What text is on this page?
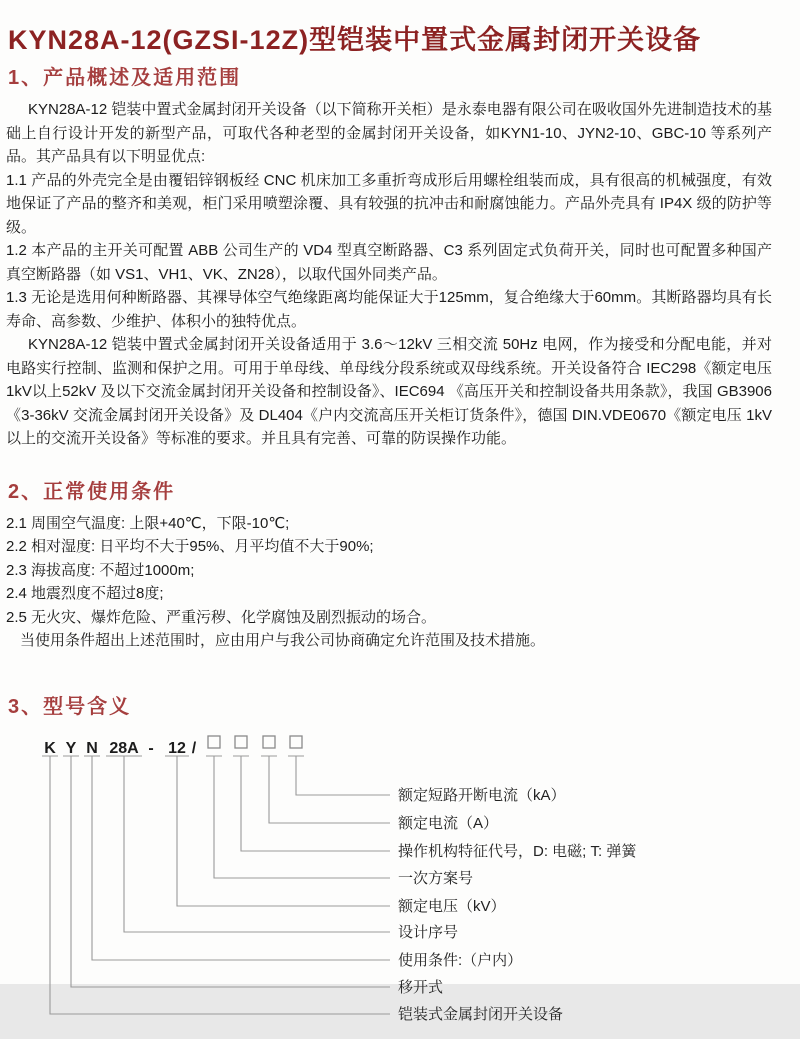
KYN28A-12(GZSI-12Z)型铠装中置式金属封闭开关设备
1、产品概述及适用范围

KYN28A-12 铠装中置式金属封闭开关设备（以下简称开关柜）是永泰电器有限公司在吸收国外先进制造技术的基础上自行设计开发的新型产品，可取代各种老型的金属封闭开关设备，如KYN1-10、JYN2-10、GBC-10 等系列产品。其产品具有以下明显优点:

1.1 产品的外壳完全是由覆铝锌钢板经 CNC 机床加工多重折弯成形后用螺栓组装而成，具有很高的机械强度，有效地保证了产品的整齐和美观，柜门采用喷塑涂覆、具有较强的抗冲击和耐腐蚀能力。产品外壳具有 IP4X 级的防护等级。

1.2 本产品的主开关可配置 ABB 公司生产的 VD4 型真空断路器、C3 系列固定式负荷开关，同时也可配置多种国产真空断路器（如 VS1、VH1、VK、ZN28），以取代国外同类产品。

1.3 无论是选用何种断路器、其裸导体空气绝缘距离均能保证大于125mm，复合绝缘大于60mm。其断路器均具有长寿命、高参数、少维护、体积小的独特优点。

KYN28A-12 铠装中置式金属封闭开关设备适用于 3.6～12kV 三相交流 50Hz 电网，作为接受和分配电能，并对电路实行控制、监测和保护之用。可用于单母线、单母线分段系统或双母线系统。开关设备符合 IEC298《额定电压1kV以上52kV 及以下交流金属封闭开关设备和控制设备》、IEC694 《高压开关和控制设备共用条款》，我国 GB3906《3-36kV 交流金属封闭开关设备》及 DL404《户内交流高压开关柜订货条件》，德国 DIN.VDE0670《额定电压 1kV 以上的交流开关设备》等标准的要求。并且具有完善、可靠的防误操作功能。

2、正常使用条件

2.1 周围空气温度: 上限+40℃，下限-10℃;

2.2 相对湿度: 日平均不大于95%、月平均值不大于90%;

2.3 海拔高度: 不超过1000m;

2.4 地震烈度不超过8度;

2.5 无火灾、爆炸危险、严重污秽、化学腐蚀及剧烈振动的场合。

当使用条件超出上述范围时，应由用户与我公司协商确定允许范围及技术措施。

3、型号含义
K Y N 28A - 12 /
额定短路开断电流（kA）
额定电流（A）
操作机构特征代号，D: 电磁; T: 弹簧
一次方案号
额定电压（kV）
设计序号
使用条件:（户内）
移开式
铠装式金属封闭开关设备
